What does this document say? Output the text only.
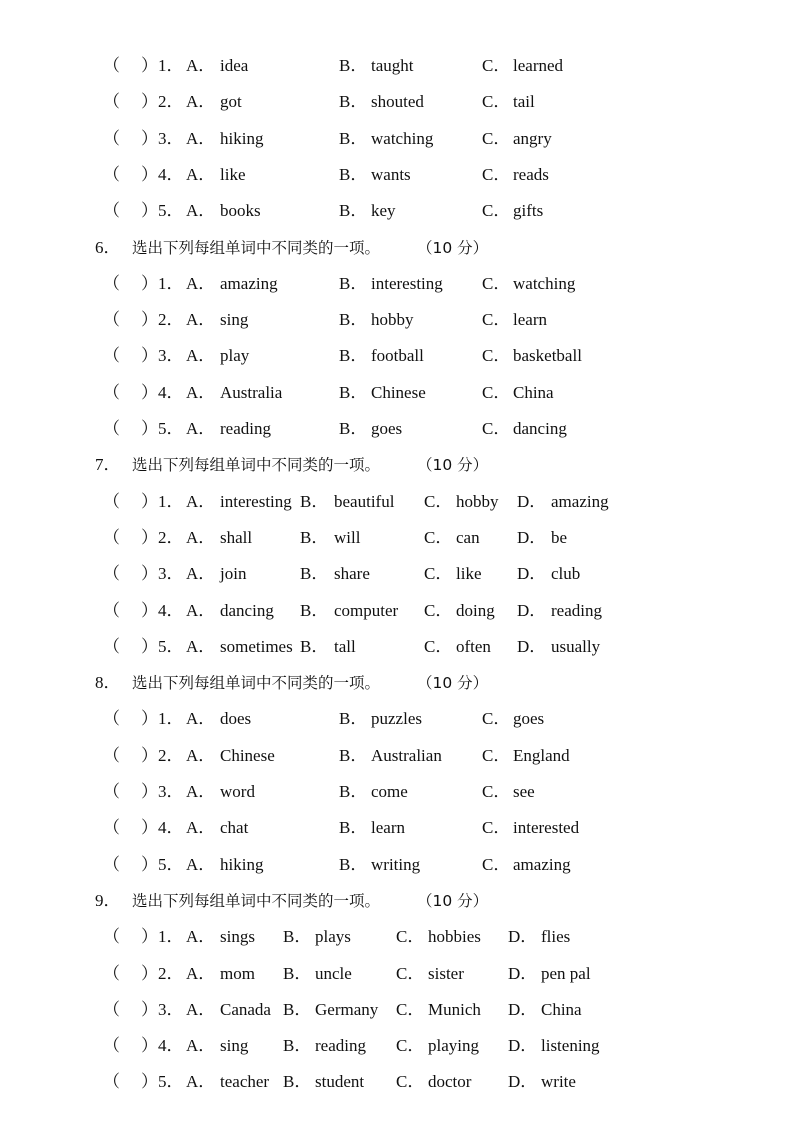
（ ） 1． A． idea	B． taught	C． learned
（ ） 2． A． got	B． shouted	C． tail
（ ） 3． A． hiking	B． watching	C． angry
（ ） 4． A． like	B． wants	C． reads
（ ） 5． A． books	B． key	C． gifts
6． 选出下列每组单词中不同类的一项。 （10 分）
（ ） 1． A． amazing	B． interesting C． watching
（ ） 2． A． sing	B． hobby	C． learn
（ ） 3． A． play	B． football	C． basketball
（ ） 4． A． Australia	B． Chinese	C． China
（ ） 5． A． reading	B． goes	C． dancing
7． 选出下列每组单词中不同类的一项。 （10 分）
（ ） 1． A． interesting B． beautiful C． hobby D． amazing
（ ） 2． A． shall	B． will	C． can D． be
（ ） 3． A． join	B． share	C． like D． club
（ ） 4． A． dancing B． computer C． doing D． reading
（ ） 5． A． sometimes B． tall	C． often D． usually
8． 选出下列每组单词中不同类的一项。 （10 分）
（ ） 1． A． does	B． puzzles	C． goes
（ ） 2． A． Chinese	B． Australian C． England
（ ） 3． A． word	B． come	C． see
（ ） 4． A． chat	B． learn	C． interested
（ ） 5． A． hiking	B． writing	C． amazing
9． 选出下列每组单词中不同类的一项。 （10 分）
（ ） 1． A． sings B． plays	C． hobbies D． flies
（ ） 2． A． mom B． uncle	C． sister	D． pen pal
（ ） 3． A． Canada B． Germany C． Munich D． China
（ ） 4． A． sing B． reading C． playing D． listening
（ ） 5． A． teacher B． student C． doctor D． write
